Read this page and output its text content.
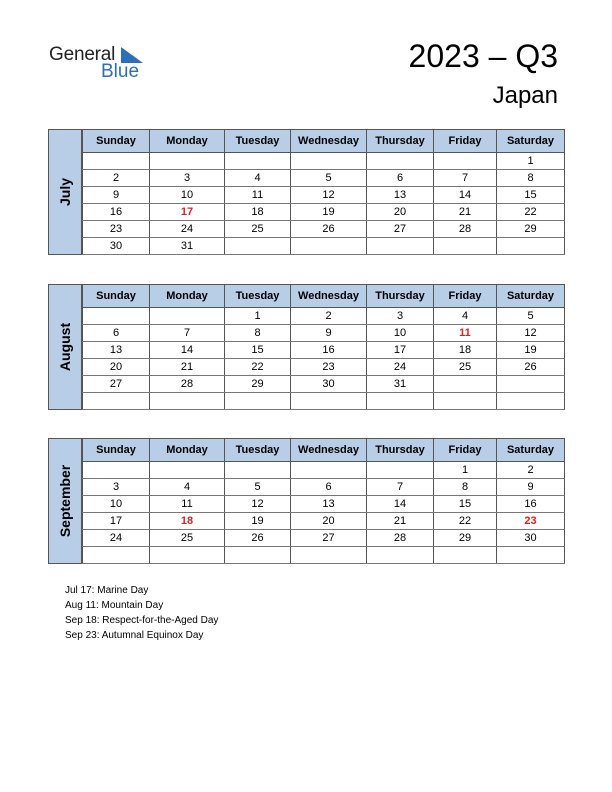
General
Blue	2023 – Q3
Japan
July
Sunday	Monday	Tuesday	Wednesday	Thursday	Friday	Saturday
						1
2	3	4	5	6	7	8
9	10	11	12	13	14	15
16	17	18	19	20	21	22
23	24	25	26	27	28	29
30	31					
August
Sunday	Monday	Tuesday	Wednesday	Thursday	Friday	Saturday
		1	2	3	4	5
6	7	8	9	10	11	12
13	14	15	16	17	18	19
20	21	22	23	24	25	26
27	28	29	30	31		

September
Sunday	Monday	Tuesday	Wednesday	Thursday	Friday	Saturday
					1	2
3	4	5	6	7	8	9
10	11	12	13	14	15	16
17	18	19	20	21	22	23
24	25	26	27	28	29	30

Jul 17: Marine Day
Aug 11: Mountain Day
Sep 18: Respect-for-the-Aged Day
Sep 23: Autumnal Equinox Day
